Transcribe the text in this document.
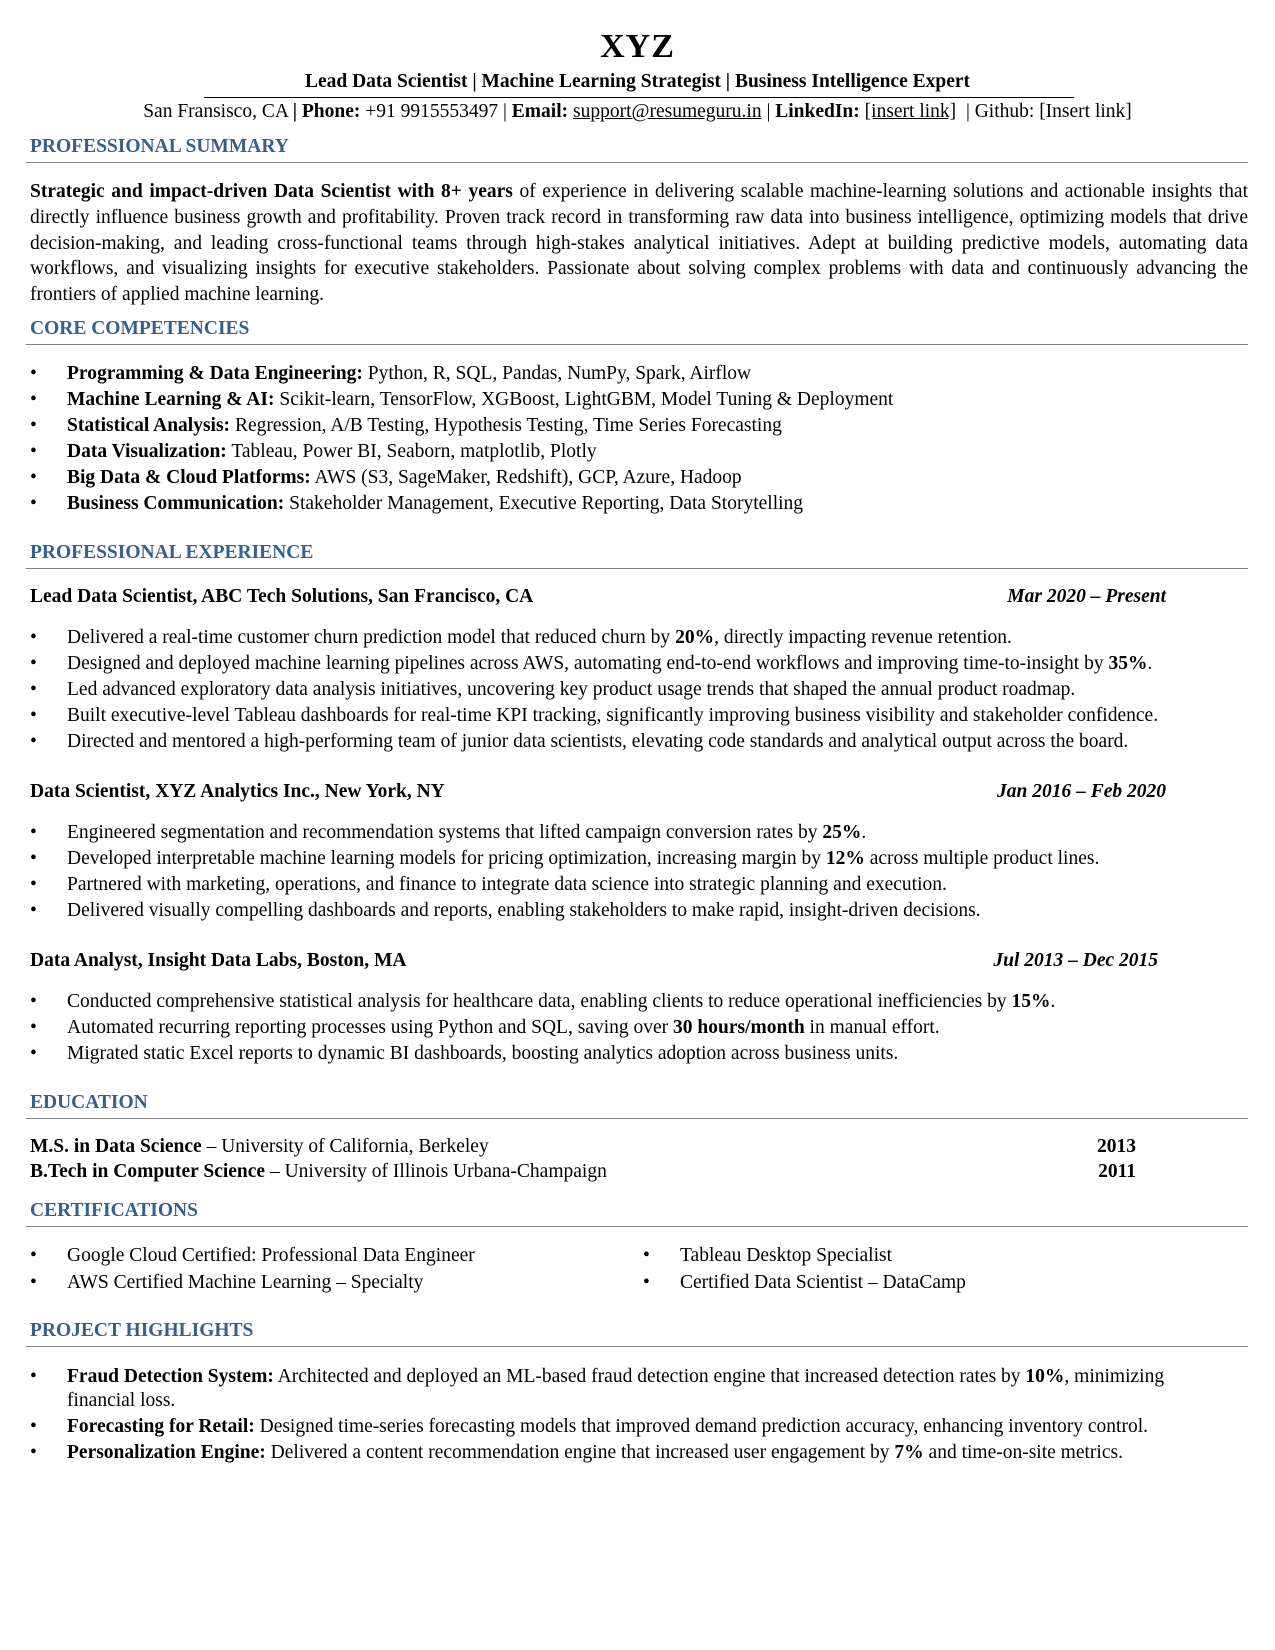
XYZ
Lead Data Scientist | Machine Learning Strategist | Business Intelligence Expert
San Fransisco, CA | Phone: +91 9915553497 | Email: support@resumeguru.in | LinkedIn: [insert link] | Github: [Insert link]
PROFESSIONAL SUMMARY
Strategic and impact-driven Data Scientist with 8+ years of experience in delivering scalable machine-learning solutions and actionable insights that directly influence business growth and profitability. Proven track record in transforming raw data into business intelligence, optimizing models that drive decision-making, and leading cross-functional teams through high-stakes analytical initiatives. Adept at building predictive models, automating data workflows, and visualizing insights for executive stakeholders. Passionate about solving complex problems with data and continuously advancing the frontiers of applied machine learning.
CORE COMPETENCIES
• Programming & Data Engineering: Python, R, SQL, Pandas, NumPy, Spark, Airflow
• Machine Learning & AI: Scikit-learn, TensorFlow, XGBoost, LightGBM, Model Tuning & Deployment
• Statistical Analysis: Regression, A/B Testing, Hypothesis Testing, Time Series Forecasting
• Data Visualization: Tableau, Power BI, Seaborn, matplotlib, Plotly
• Big Data & Cloud Platforms: AWS (S3, SageMaker, Redshift), GCP, Azure, Hadoop
• Business Communication: Stakeholder Management, Executive Reporting, Data Storytelling
PROFESSIONAL EXPERIENCE
Lead Data Scientist, ABC Tech Solutions, San Francisco, CA	Mar 2020 – Present
• Delivered a real-time customer churn prediction model that reduced churn by 20%, directly impacting revenue retention.
• Designed and deployed machine learning pipelines across AWS, automating end-to-end workflows and improving time-to-insight by 35%.
• Led advanced exploratory data analysis initiatives, uncovering key product usage trends that shaped the annual product roadmap.
• Built executive-level Tableau dashboards for real-time KPI tracking, significantly improving business visibility and stakeholder confidence.
• Directed and mentored a high-performing team of junior data scientists, elevating code standards and analytical output across the board.
Data Scientist, XYZ Analytics Inc., New York, NY	Jan 2016 – Feb 2020
• Engineered segmentation and recommendation systems that lifted campaign conversion rates by 25%.
• Developed interpretable machine learning models for pricing optimization, increasing margin by 12% across multiple product lines.
• Partnered with marketing, operations, and finance to integrate data science into strategic planning and execution.
• Delivered visually compelling dashboards and reports, enabling stakeholders to make rapid, insight-driven decisions.
Data Analyst, Insight Data Labs, Boston, MA	Jul 2013 – Dec 2015
• Conducted comprehensive statistical analysis for healthcare data, enabling clients to reduce operational inefficiencies by 15%.
• Automated recurring reporting processes using Python and SQL, saving over 30 hours/month in manual effort.
• Migrated static Excel reports to dynamic BI dashboards, boosting analytics adoption across business units.
EDUCATION
M.S. in Data Science – University of California, Berkeley	2013
B.Tech in Computer Science – University of Illinois Urbana-Champaign	2011
CERTIFICATIONS
• Google Cloud Certified: Professional Data Engineer
• AWS Certified Machine Learning – Specialty
• Tableau Desktop Specialist
• Certified Data Scientist – DataCamp
PROJECT HIGHLIGHTS
• Fraud Detection System: Architected and deployed an ML-based fraud detection engine that increased detection rates by 10%, minimizing
financial loss.
• Forecasting for Retail: Designed time-series forecasting models that improved demand prediction accuracy, enhancing inventory control.
• Personalization Engine: Delivered a content recommendation engine that increased user engagement by 7% and time-on-site metrics.
